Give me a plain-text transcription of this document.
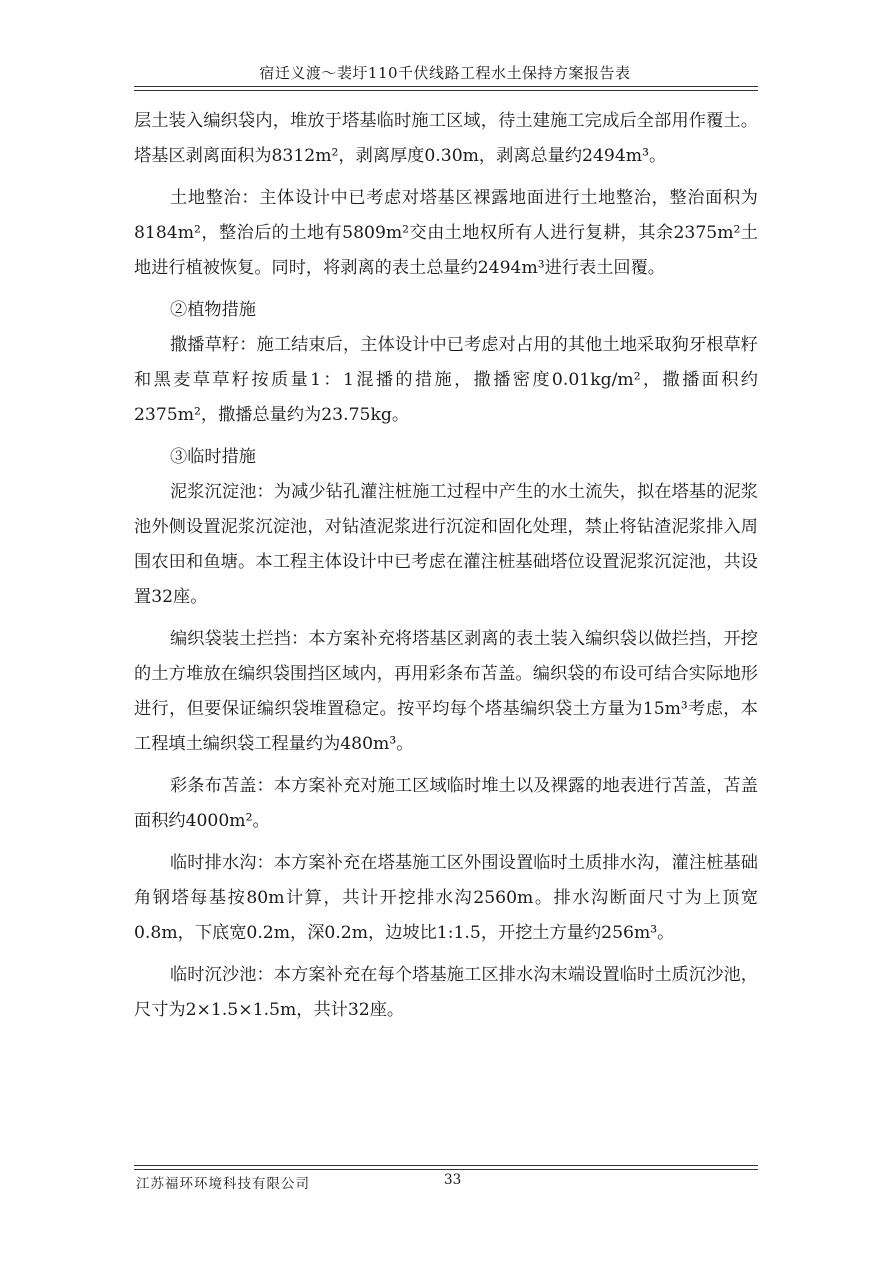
宿迁义渡～裴圩110千伏线路工程水土保持方案报告表

层土装入编织袋内，堆放于塔基临时施工区域，待土建施工完成后全部用作覆土。塔基区剥离面积为8312m²，剥离厚度0.30m，剥离总量约2494m³。

土地整治：主体设计中已考虑对塔基区裸露地面进行土地整治，整治面积为8184m²，整治后的土地有5809m²交由土地权所有人进行复耕，其余2375m²土地进行植被恢复。同时，将剥离的表土总量约2494m³进行表土回覆。

②植物措施

撒播草籽：施工结束后，主体设计中已考虑对占用的其他土地采取狗牙根草籽和黑麦草草籽按质量1：1混播的措施，撒播密度0.01kg/m²，撒播面积约2375m²，撒播总量约为23.75kg。

③临时措施

泥浆沉淀池：为减少钻孔灌注桩施工过程中产生的水土流失，拟在塔基的泥浆池外侧设置泥浆沉淀池，对钻渣泥浆进行沉淀和固化处理，禁止将钻渣泥浆排入周围农田和鱼塘。本工程主体设计中已考虑在灌注桩基础塔位设置泥浆沉淀池，共设置32座。

编织袋装土拦挡：本方案补充将塔基区剥离的表土装入编织袋以做拦挡，开挖的土方堆放在编织袋围挡区域内，再用彩条布苫盖。编织袋的布设可结合实际地形进行，但要保证编织袋堆置稳定。按平均每个塔基编织袋土方量为15m³考虑，本工程填土编织袋工程量约为480m³。

彩条布苫盖：本方案补充对施工区域临时堆土以及裸露的地表进行苫盖，苫盖面积约4000m²。

临时排水沟：本方案补充在塔基施工区外围设置临时土质排水沟，灌注桩基础角钢塔每基按80m计算，共计开挖排水沟2560m。排水沟断面尺寸为上顶宽0.8m，下底宽0.2m，深0.2m，边坡比1:1.5，开挖土方量约256m³。

临时沉沙池：本方案补充在每个塔基施工区排水沟末端设置临时土质沉沙池，尺寸为2×1.5×1.5m，共计32座。

江苏福环环境科技有限公司	33
